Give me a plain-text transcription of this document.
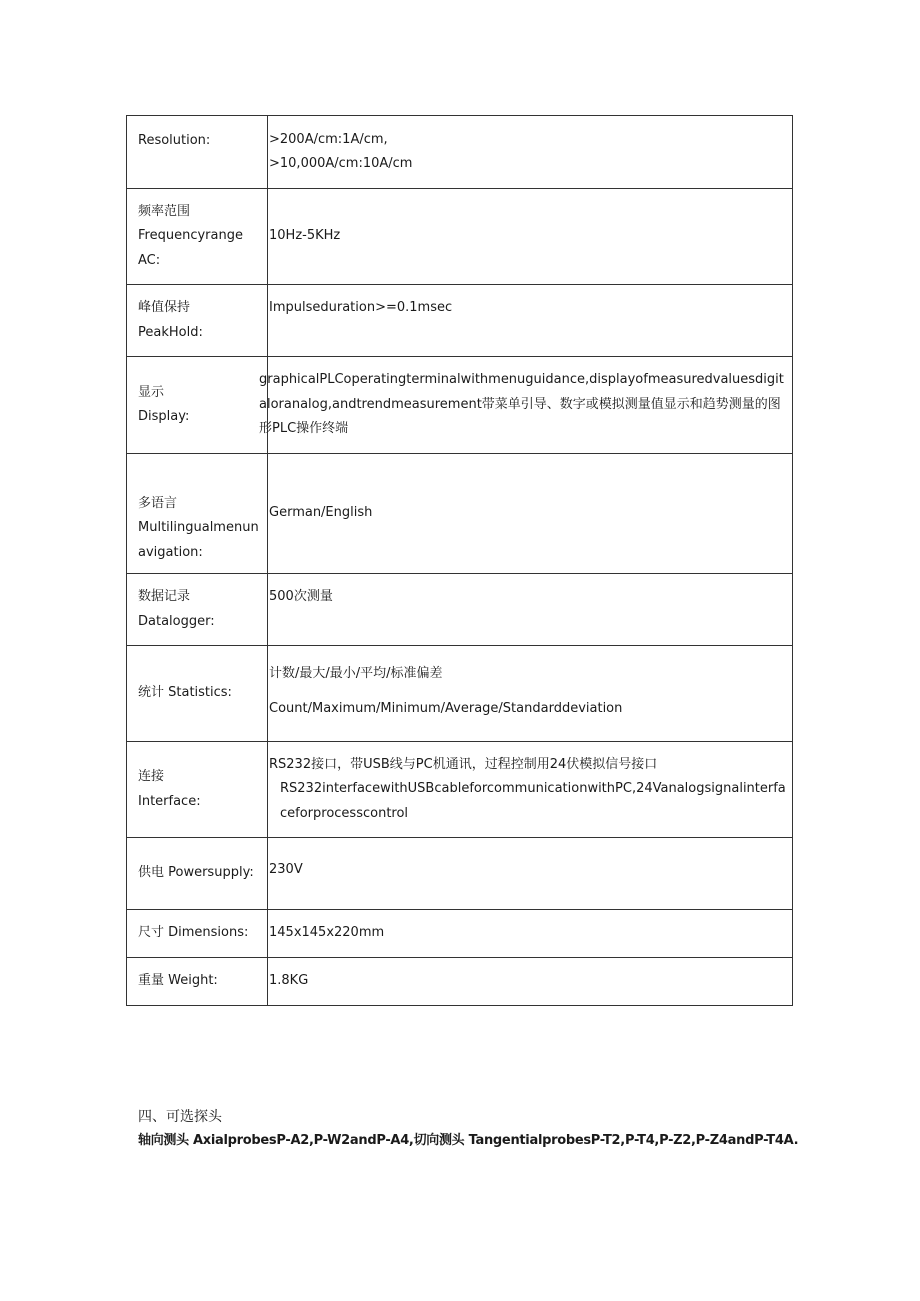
Resolution:	>200A/cm:1A/cm,
>10,000A/cm:10A/cm

频率范围
Frequencyrange
AC:	10Hz-5KHz

峰值保持
PeakHold:	Impulseduration>=0.1msec

显示
Display:	graphicalPLCoperatingterminalwithmenuguidance,displayofmeasuredvaluesdigitaloranalog,andtrendmeasurement带菜单引导、数字或模拟测量值显示和趋势测量的图形PLC操作终端

多语言
Multilingualmenunavigation:	German/English

数据记录
Datalogger:	500次测量

统计 Statistics:	计数/最大/最小/平均/标准偏差
Count/Maximum/Minimum/Average/Standarddeviation

连接
Interface:	RS232接口，带USB线与PC机通讯，过程控制用24伏模拟信号接口
RS232interfacewithUSBcableforcommunicationwithPC,24Vanalogsignalinterfaceforprocesscontrol

供电 Powersupply:	230V

尺寸 Dimensions:	145x145x220mm

重量 Weight:	1.8KG
四、可选探头
轴向测头 AxialprobesP-A2,P-W2andP-A4,切向测头 TangentialprobesP-T2,P-T4,P-Z2,P-Z4andP-T4A.
